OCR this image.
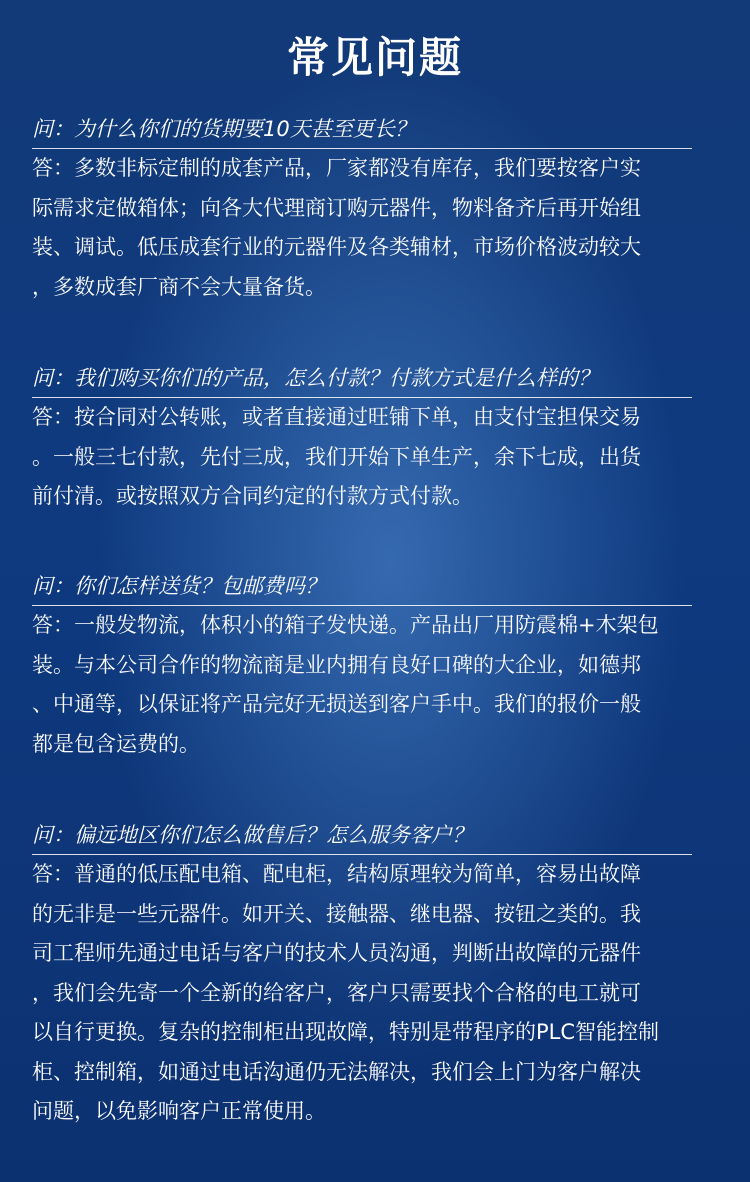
常见问题
问：为什么你们的货期要10天甚至更长？
答：多数非标定制的成套产品，厂家都没有库存，我们要按客户实
际需求定做箱体；向各大代理商订购元器件，物料备齐后再开始组
装、调试。低压成套行业的元器件及各类辅材，市场价格波动较大
，多数成套厂商不会大量备货。
问：我们购买你们的产品，怎么付款？付款方式是什么样的？
答：按合同对公转账，或者直接通过旺铺下单，由支付宝担保交易
。一般三七付款，先付三成，我们开始下单生产，余下七成，出货
前付清。或按照双方合同约定的付款方式付款。
问：你们怎样送货？包邮费吗？
答：一般发物流，体积小的箱子发快递。产品出厂用防震棉+木架包
装。与本公司合作的物流商是业内拥有良好口碑的大企业，如德邦
、中通等，以保证将产品完好无损送到客户手中。我们的报价一般
都是包含运费的。
问：偏远地区你们怎么做售后？怎么服务客户？
答：普通的低压配电箱、配电柜，结构原理较为简单，容易出故障
的无非是一些元器件。如开关、接触器、继电器、按钮之类的。我
司工程师先通过电话与客户的技术人员沟通，判断出故障的元器件
，我们会先寄一个全新的给客户，客户只需要找个合格的电工就可
以自行更换。复杂的控制柜出现故障，特别是带程序的PLC智能控制
柜、控制箱，如通过电话沟通仍无法解决，我们会上门为客户解决
问题，以免影响客户正常使用。
